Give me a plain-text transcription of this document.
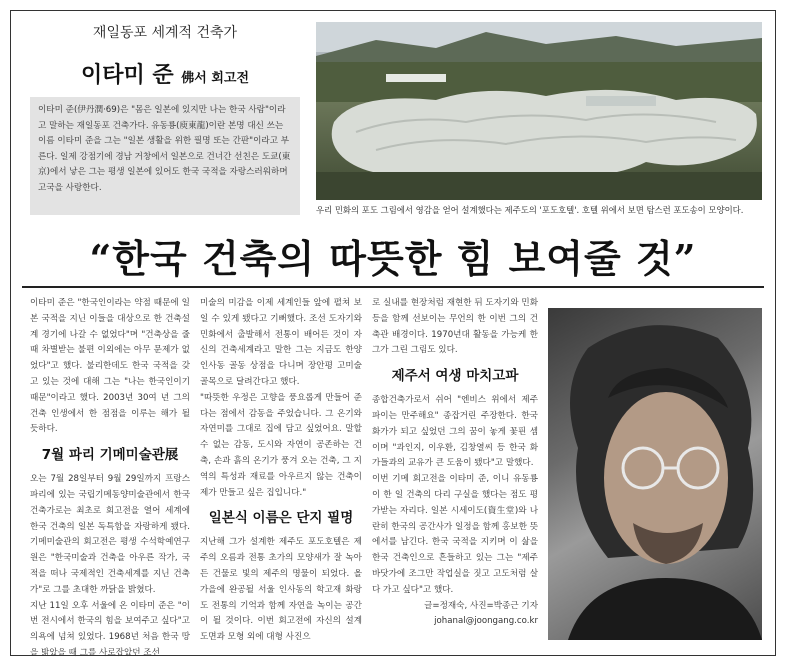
재일동포 세계적 건축가
이타미 준 佛서 회고전
이타미 준(伊丹潤·69)은 "몸은 일본에 있지만 나는 한국 사람"이라고 말하는 재일동포 건축가다. 유동룡(庾東龍)이란 본명 대신 쓰는 이름 이타미 준을 그는 "일본 생활을 위한 필명 또는 간판"이라고 부른다. 일제 강점기에 경남 거창에서 일본으로 건너간 선친은 도쿄(東京)에서 낳은 그는 평생 일본에 있어도 한국 국적을 자랑스러워하며 고국을 사랑한다.
우리 민화의 포도 그림에서 영감을 얻어 설계했다는 제주도의 '포도호텔'. 호텔 위에서 보면 탐스런 포도송이 모양이다.
“한국 건축의 따뜻한 힘 보여줄 것”

이타미 준은 "한국인이라는 약점 때문에 일본 국적을 지닌 이들을 대상으로 한 건축설계 경기에 나갈 수 없었다"며 "건축상을 줄 때 차별받는 불편 이외에는 아무 문제가 없었다"고 했다. 불리한데도 한국 국적을 갖고 있는 것에 대해 그는 "나는 한국인이기 때문"이라고 했다. 2003년 30여 년 그의 건축 인생에서 한 점점을 이루는 해가 될 듯하다.

7월 파리 기메미술관展

오는 7월 28일부터 9월 29일까지 프랑스 파리에 있는 국립기메동양미술관에서 한국 건축가로는 최초로 회고전을 열어 세계에 한국 건축의 일본 독특함을 자랑하게 됐다. 기메미술관의 회고전은 평생 수석학예연구원은 "한국미술과 건축을 아우른 작가, 국적을 떠나 국제적인 건축세계를 지닌 건축가"로 그를 초대한 까닭을 밝혔다.

지난 11일 오후 서울에 온 이타미 준은 "이번 전시에서 한국의 힘을 보여주고 싶다"고 의욕에 넘쳐 있었다. 1968년 처음 한국 땅을 밟았을 때 그를 사로잡았던 조선

미술의 미감을 이제 세계인들 앞에 펼쳐 보일 수 있게 됐다고 기뻐했다. 조선 도자기와 민화에서 출발해서 전통이 배어든 것이 자신의 건축세계라고 말한 그는 지금도 한양 인사동 골동 상점을 다니며 장안평 고미술 골목으로 달려간다고 했다.

"따뜻한 우정은 고향을 풍요롭게 만들어 준다는 점에서 감동을 주었습니다. 그 온기와 자연미를 그대로 집에 담고 싶었어요. 말할 수 없는 감동, 도시와 자연이 공존하는 건축, 손과 흙의 온기가 풍겨 오는 건축, 그 지역의 특성과 재료를 아우르지 않는 건축이 제가 만들고 싶은 집입니다."

일본식 이름은 단지 필명

지난해 그가 설계한 제주도 포도호텔은 제주의 오름과 전통 초가의 모양새가 잘 녹아든 건물로 빛의 제주의 명물이 되었다. 올 가을에 완공될 서울 인사동의 학고재 화랑도 전통의 기억과 함께 자연을 녹이는 공간이 될 것이다. 이번 회고전에 자신의 설계 도면과 모형 외에 대형 사진으

로 실내를 현장처럼 재현한 뒤 도자기와 민화 등을 함께 선보이는 무언의 한 이번 그의 건축관 배경이다. 1970년대 활동을 가능케 한 그가 그린 그림도 있다.

제주서 여생 마치고파

종합건축가로서 쉬어 "엔비스 위에서 제주 파이는 만주해요" 종잡거린 주장한다. 한국 화가가 되고 싶었던 그의 꿈이 놓게 꽃핀 셈이며 "과인지, 이우환, 김창열씨 등 한국 화가들과의 교유가 큰 도움이 됐다"고 말했다.

이번 기메 회고전을 이타미 준, 이니 유동룡이 한 일 건축의 다리 구실을 했다는 점도 평가받는 자리다. 일본 시세이도(資生堂)와 나란히 한국의 공간사가 일정을 함께 홍보한 뜻에서를 남긴다. 한국 국적을 지키며 이 삶을 한국 건축인으로 흔들하고 있는 그는 "제주 바닷가에 조그만 작업실을 짓고 고도처럼 살다 가고 싶다"고 했다.

글=정재숙, 사진=박종근 기자
johanal@joongang.co.kr
